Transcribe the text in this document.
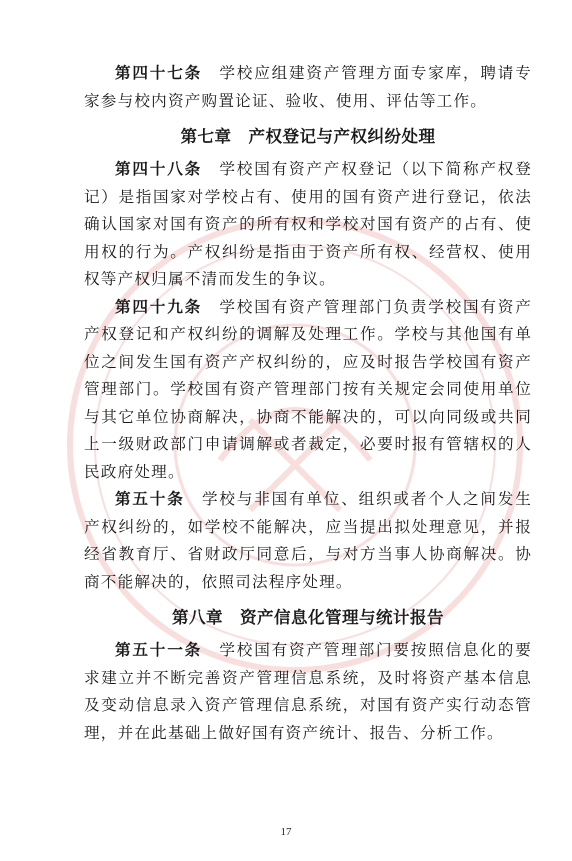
第四十七条　 学校应组建资产管理方面专家库，聘请专家参与校内资产购置论证、验收、使用、评估等工作。

第七章　产权登记与产权纠纷处理

第四十八条　 学校国有资产产权登记（以下简称产权登记）是指国家对学校占有、使用的国有资产进行登记，依法确认国家对国有资产的所有权和学校对国有资产的占有、使用权的行为。产权纠纷是指由于资产所有权、经营权、使用权等产权归属不清而发生的争议。

第四十九条　 学校国有资产管理部门负责学校国有资产产权登记和产权纠纷的调解及处理工作。学校与其他国有单位之间发生国有资产产权纠纷的，应及时报告学校国有资产管理部门。学校国有资产管理部门按有关规定会同使用单位与其它单位协商解决，协商不能解决的，可以向同级或共同上一级财政部门申请调解或者裁定，必要时报有管辖权的人民政府处理。

第五十条　 学校与非国有单位、组织或者个人之间发生产权纠纷的，如学校不能解决，应当提出拟处理意见，并报经省教育厅、省财政厅同意后，与对方当事人协商解决。协商不能解决的，依照司法程序处理。

第八章　资产信息化管理与统计报告

第五十一条　 学校国有资产管理部门要按照信息化的要求建立并不断完善资产管理信息系统，及时将资产基本信息及变动信息录入资产管理信息系统，对国有资产实行动态管理，并在此基础上做好国有资产统计、报告、分析工作。

17
